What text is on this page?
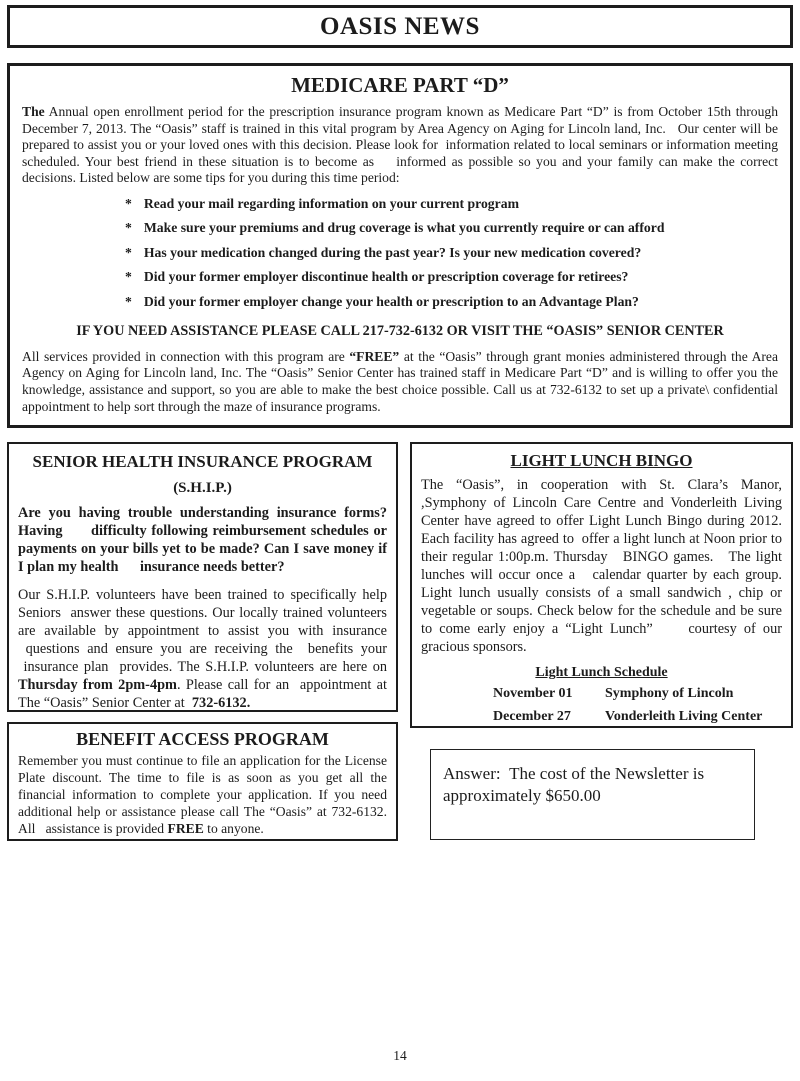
OASIS NEWS
MEDICARE PART “D”

The Annual open enrollment period for the prescription insurance program known as Medicare Part “D” is from October 15th through December 7, 2013. The “Oasis” staff is trained in this vital program by Area Agency on Aging for Lincoln land, Inc.   Our center will be prepared to assist you or your loved ones with this decision. Please look for  information related to local seminars or information meeting scheduled. Your best friend in these situation is to become as    informed as possible so you and your family can make the correct decisions. Listed below are some tips for you during this time period:

* Read your mail regarding information on your current program
* Make sure your premiums and drug coverage is what you currently require or can afford
* Has your medication changed during the past year? Is your new medication covered?
* Did your former employer discontinue health or prescription coverage for retirees?
* Did your former employer change your health or prescription to an Advantage Plan?
IF YOU NEED ASSISTANCE PLEASE CALL 217-732-6132 OR VISIT THE “OASIS” SENIOR CENTER

All services provided in connection with this program are “FREE” at the “Oasis” through grant monies administered through the Area Agency on Aging for Lincoln land, Inc. The “Oasis” Senior Center has trained staff in Medicare Part “D” and is willing to offer you the knowledge, assistance and support, so you are able to make the best choice possible. Call us at 732-6132 to set up a private\ confidential appointment to help sort through the maze of insurance programs.

SENIOR HEALTH INSURANCE PROGRAM
(S.H.I.P.)

Are you having trouble understanding insurance forms? Having      difficulty following reimbursement schedules or payments on your bills yet to be made? Can I save money if I plan my health      insurance needs better?

Our S.H.I.P. volunteers have been trained to specifically help Seniors  answer these questions. Our locally trained volunteers are available by appointment to assist you with insurance  questions and ensure you are receiving the  benefits your  insurance plan  provides. The S.H.I.P. volunteers are here on Thursday from 2pm-4pm. Please call for an  appointment at The “Oasis” Senior Center at  732-6132.

LIGHT LUNCH BINGO

The  “Oasis”,  in  cooperation  with  St.  Clara’s  Manor, ,Symphony of Lincoln Care Centre and Vonderleith Living Center have agreed to offer Light Lunch Bingo during 2012. Each facility has agreed to  offer a light lunch at Noon prior to their regular 1:00p.m. Thursday   BINGO games.   The light lunches will occur once a   calendar quarter by each group. Light lunch usually consists of a small sandwich , chip or vegetable or soups. Check below for the schedule and be sure to come early enjoy a “Light Lunch”     courtesy of our gracious sponsors.

Light Lunch Schedule
November 01	Symphony of Lincoln
December 27	Vonderleith Living Center
BENEFIT ACCESS PROGRAM

Remember you must continue to file an application for the License Plate discount. The time to file is as soon as you get all the financial information to complete your application. If you need additional help or assistance please call The “Oasis” at 732-6132. All   assistance is provided FREE to anyone.

Answer:  The cost of the Newsletter is approximately $650.00
14
